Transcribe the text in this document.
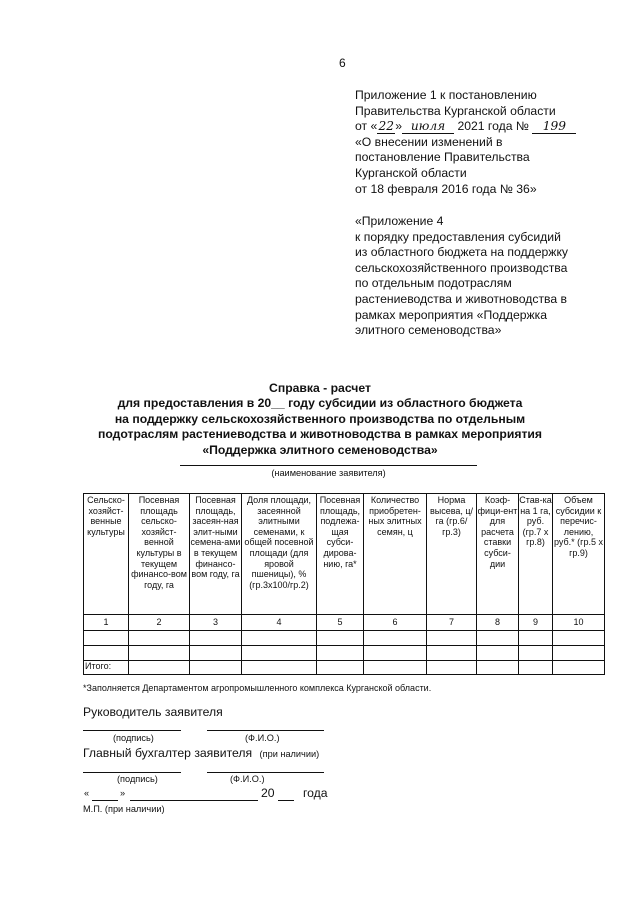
6
Приложение 1 к постановлению
Правительства Курганской области
от «22» июля 2021 года № 199
«О внесении изменений в
постановление Правительства
Курганской области
от 18 февраля 2016 года № 36»
«Приложение 4
к порядку предоставления субсидий
из областного бюджета на поддержку
сельскохозяйственного производства
по отдельным подотраслям
растениеводства и животноводства в
рамках мероприятия «Поддержка
элитного семеноводства»
Справка - расчет
для предоставления в 20__ году субсидии из областного бюджета
на поддержку сельскохозяйственного производства по отдельным
подотраслям растениеводства и животноводства в рамках мероприятия
«Поддержка элитного семеноводства»
(наименование заявителя)
Сельско-хозяйст-венные культуры	Посевная площадь сельско-хозяйст-венной культуры в текущем финансо-вом году, га	Посевная площадь, засеян-ная элит-ными семена-ами в текущем финансо-вом году, га	Доля площади, засеянной элитными семенами, к общей посевной площади (для яровой пшеницы), % (гр.3х100/гр.2)	Посевная площадь, подлежа-щая субси-дирова-нию, га*	Количество приобретен-ных элитных семян, ц	Норма высева, ц/га (гр.6/гр.3)	Коэф-фици-ент для расчета ставки субси-дии	Став-ка на 1 га, руб. (гр.7 х гр.8)	Объем субсидии к перечис-лению, руб.* (гр.5 х гр.9)
1	2	3	4	5	6	7	8	9	10

Итого:									
*Заполняется Департаментом агропромышленного комплекса Курганской области.
Руководитель заявителя
(подпись)	(Ф.И.О.)
Главный бухгалтер заявителя (при наличии)
(подпись)	(Ф.И.О.)
«	»	20 года
М.П. (при наличии)
